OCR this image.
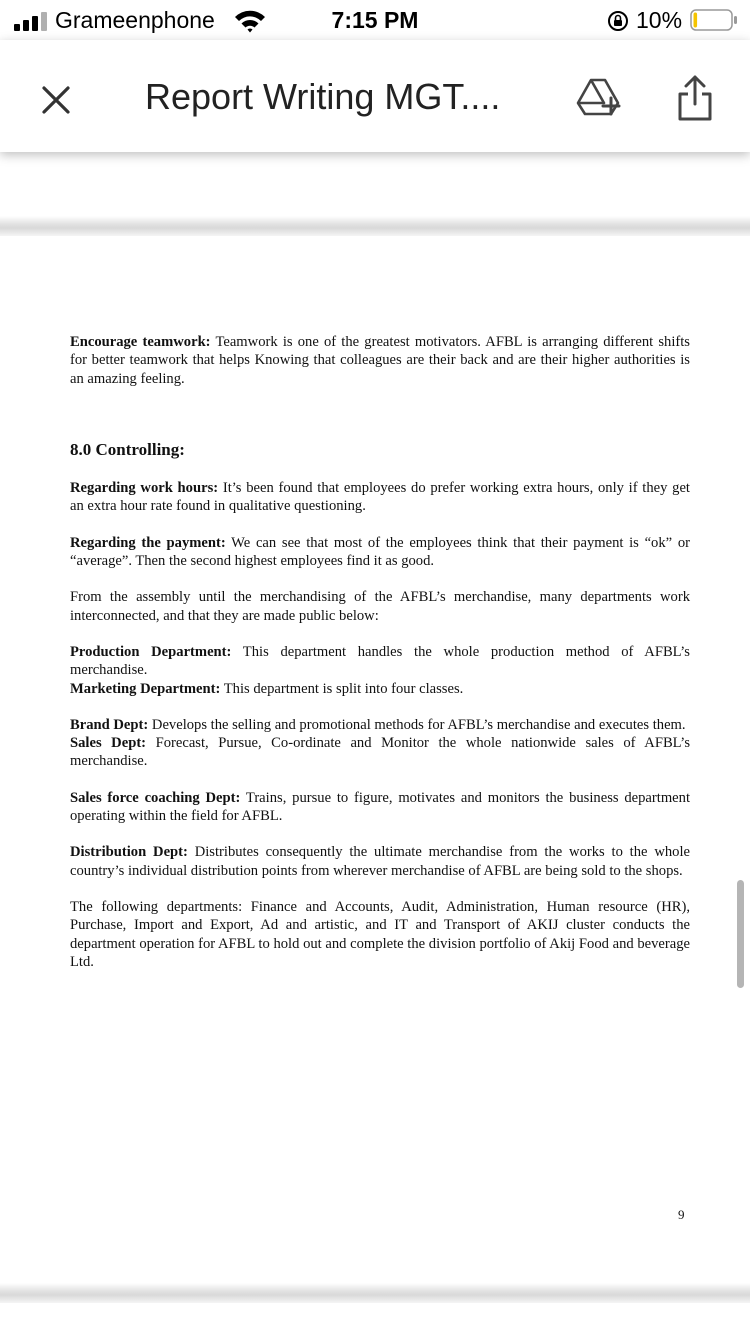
Grameenphone	7:15 PM	10%
Report Writing MGT....

Encourage teamwork: Teamwork is one of the greatest motivators. AFBL is arranging different shifts for better teamwork that helps Knowing that colleagues are their back and are their higher authorities is an amazing feeling.

8.0 Controlling:

Regarding work hours: It’s been found that employees do prefer working extra hours, only if they get an extra hour rate found in qualitative questioning.

Regarding the payment: We can see that most of the employees think that their payment is “ok” or “average”. Then the second highest employees find it as good.

From the assembly until the merchandising of the AFBL’s merchandise, many departments work interconnected, and that they are made public below:

Production Department: This department handles the whole production method of AFBL’s merchandise.

Marketing Department: This department is split into four classes.

Brand Dept: Develops the selling and promotional methods for AFBL’s merchandise and executes them.

Sales Dept: Forecast, Pursue, Co-ordinate and Monitor the whole nationwide sales of AFBL’s merchandise.

Sales force coaching Dept: Trains, pursue to figure, motivates and monitors the business department operating within the field for AFBL.

Distribution Dept: Distributes consequently the ultimate merchandise from the works to the whole country’s individual distribution points from wherever merchandise of AFBL are being sold to the shops.

The following departments: Finance and Accounts, Audit, Administration, Human resource (HR), Purchase, Import and Export, Ad and artistic, and IT and Transport of AKIJ cluster conducts the department operation for AFBL to hold out and complete the division portfolio of Akij Food and beverage Ltd.

9
